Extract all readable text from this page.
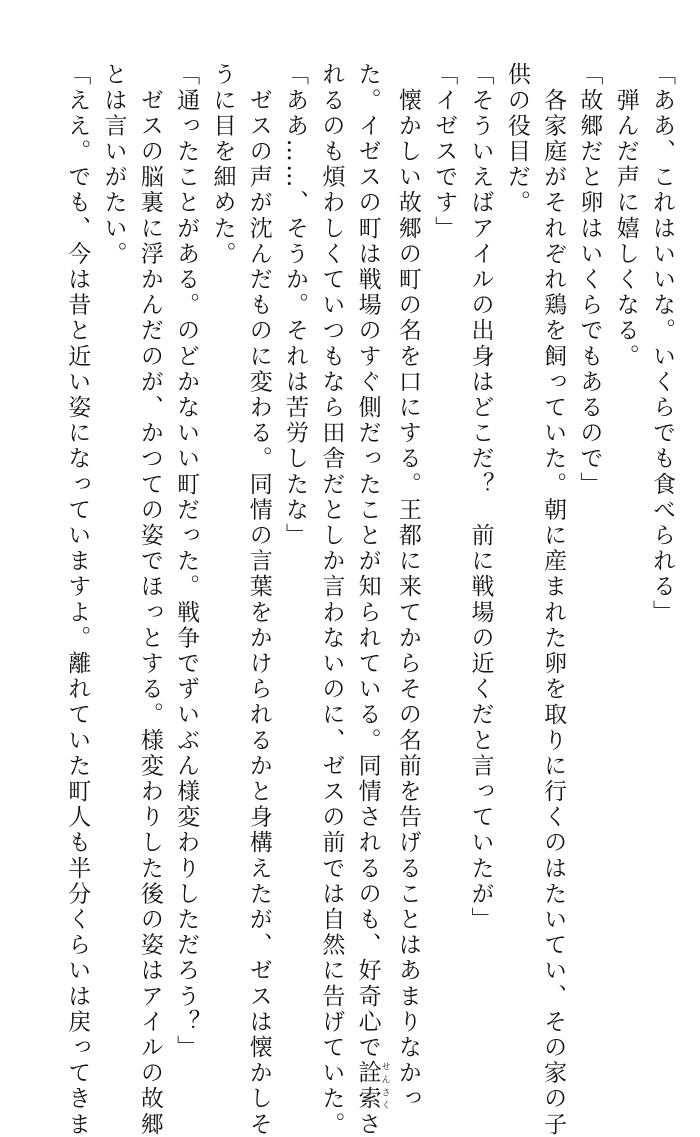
「ああ、これはいいな。いくらでも食べられる」
　弾んだ声に嬉しくなる。
「故郷だと卵はいくらでもあるので」
　各家庭がそれぞれ鶏を飼っていた。朝に産まれた卵を取りに行くのはたいてい、その家の子
供の役目だ。
「そういえばアイルの出身はどこだ？　前に戦場の近くだと言っていたが」
「イゼスです」
　懐かしい故郷の町の名を口にする。王都に来てからその名前を告げることはあまりなかっ
た。イゼスの町は戦場のすぐ側だったことが知られている。同情されるのも、好奇心で詮索 せんさくさ
れるのも煩わしくていつもなら田舎だとしか言わないのに、ゼスの前では自然に告げていた。
「ああ……、そうか。それは苦労したな」
　ゼスの声が沈んだものに変わる。同情の言葉をかけられるかと身構えたが、ゼスは懐かしそ
うに目を細めた。
「通ったことがある。のどかないい町だった。戦争でずいぶん様変わりしただろう？」
　ゼスの脳裏に浮かんだのが、かつての姿でほっとする。様変わりした後の姿はアイルの故郷
とは言いがたい。
「ええ。でも、今は昔と近い姿になっていますよ。離れていた町人も半分くらいは戻ってきま
